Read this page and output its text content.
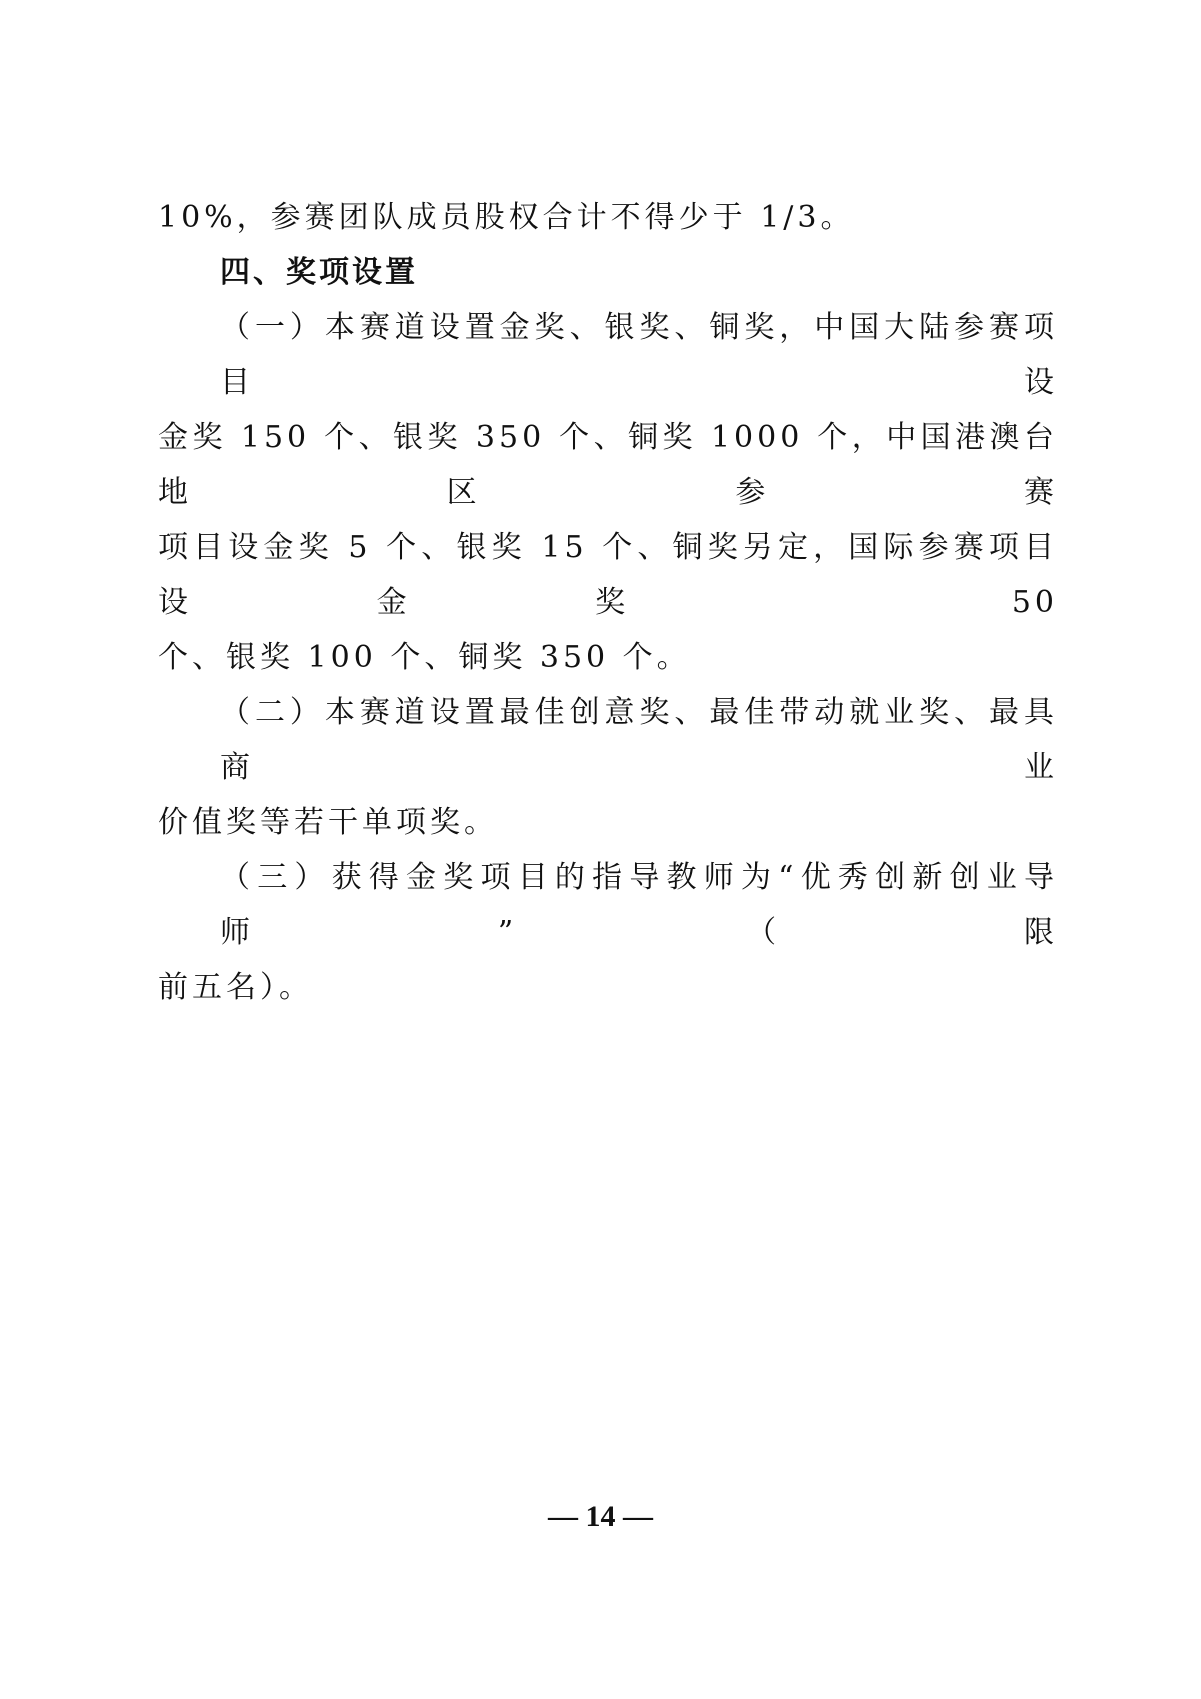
10%，参赛团队成员股权合计不得少于 1/3。
四、奖项设置
（一）本赛道设置金奖、银奖、铜奖，中国大陆参赛项目设
金奖 150 个、银奖 350 个、铜奖 1000 个，中国港澳台地区参赛
项目设金奖 5 个、银奖 15 个、铜奖另定，国际参赛项目设金奖 50
个、银奖 100 个、铜奖 350 个。
（二）本赛道设置最佳创意奖、最佳带动就业奖、最具商业
价值奖等若干单项奖。
（三）获得金奖项目的指导教师为“优秀创新创业导师”（限
前五名）。
— 14 —
